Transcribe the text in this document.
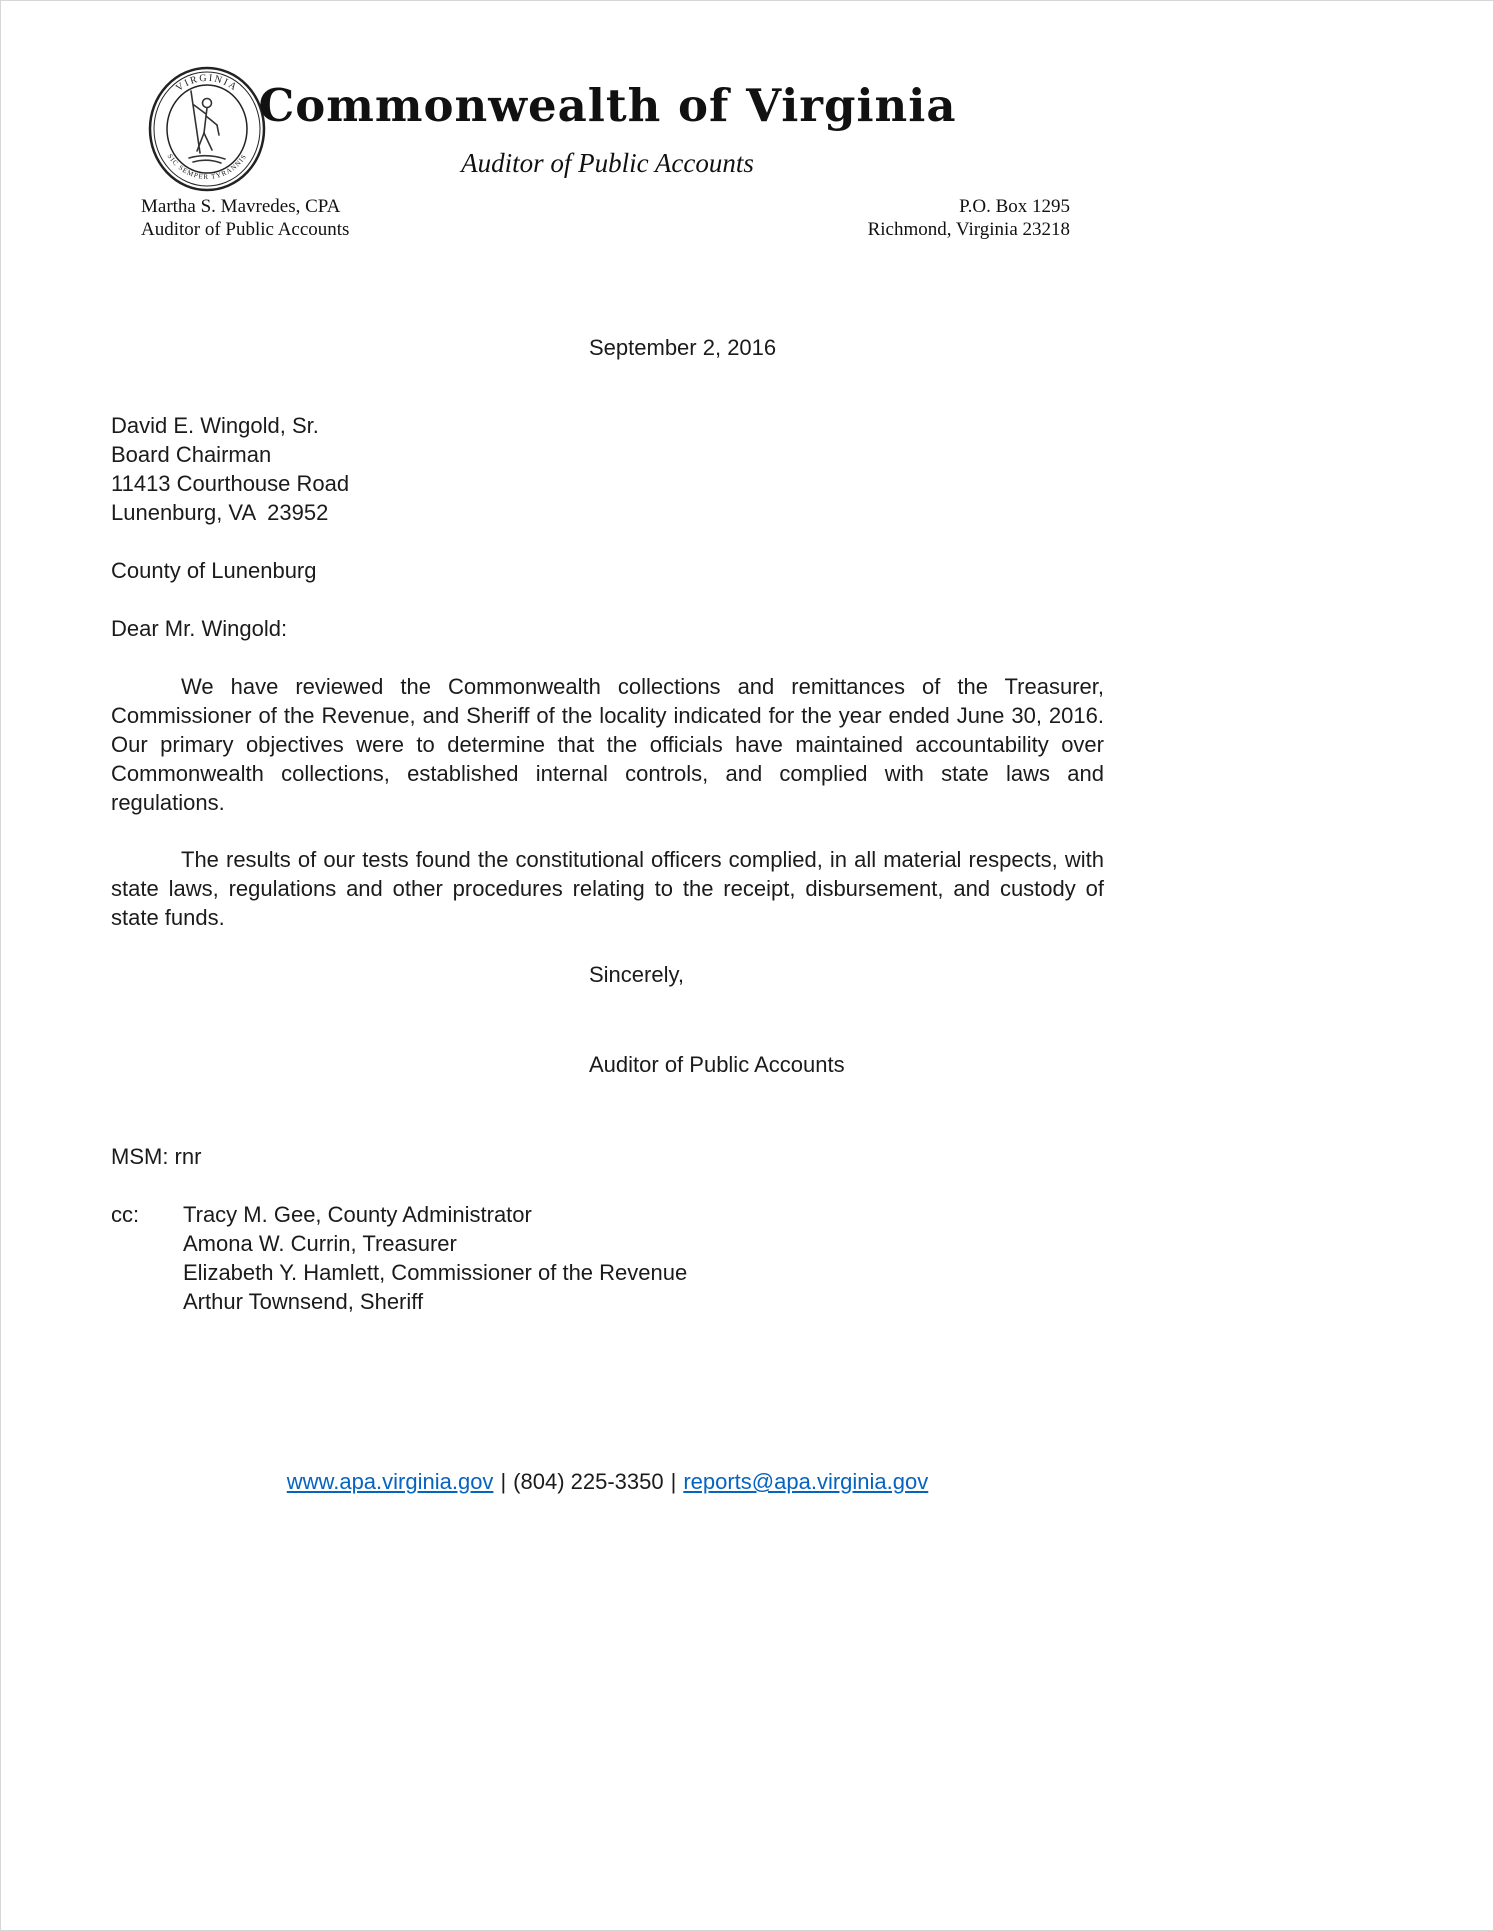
VIRGINIA
SIC SEMPER TYRANNIS
Commonwealth of Virginia
Auditor of Public Accounts
Martha S. Mavredes, CPA
Auditor of Public Accounts
P.O. Box 1295
Richmond, Virginia 23218
September 2, 2016
David E. Wingold, Sr.
Board Chairman
11413 Courthouse Road
Lunenburg, VA  23952
County of Lunenburg
Dear Mr. Wingold:

We have reviewed the Commonwealth collections and remittances of the Treasurer, Commissioner of the Revenue, and Sheriff of the locality indicated for the year ended June 30, 2016. Our primary objectives were to determine that the officials have maintained accountability over Commonwealth collections, established internal controls, and complied with state laws and regulations.

The results of our tests found the constitutional officers complied, in all material respects, with state laws, regulations and other procedures relating to the receipt, disbursement, and custody of state funds.

Sincerely,
Auditor of Public Accounts
MSM: rnr
cc:	Tracy M. Gee, County Administrator
Amona W. Currin, Treasurer
Elizabeth Y. Hamlett, Commissioner of the Revenue
Arthur Townsend, Sheriff
www.apa.virginia.gov | (804) 225-3350 | reports@apa.virginia.gov
